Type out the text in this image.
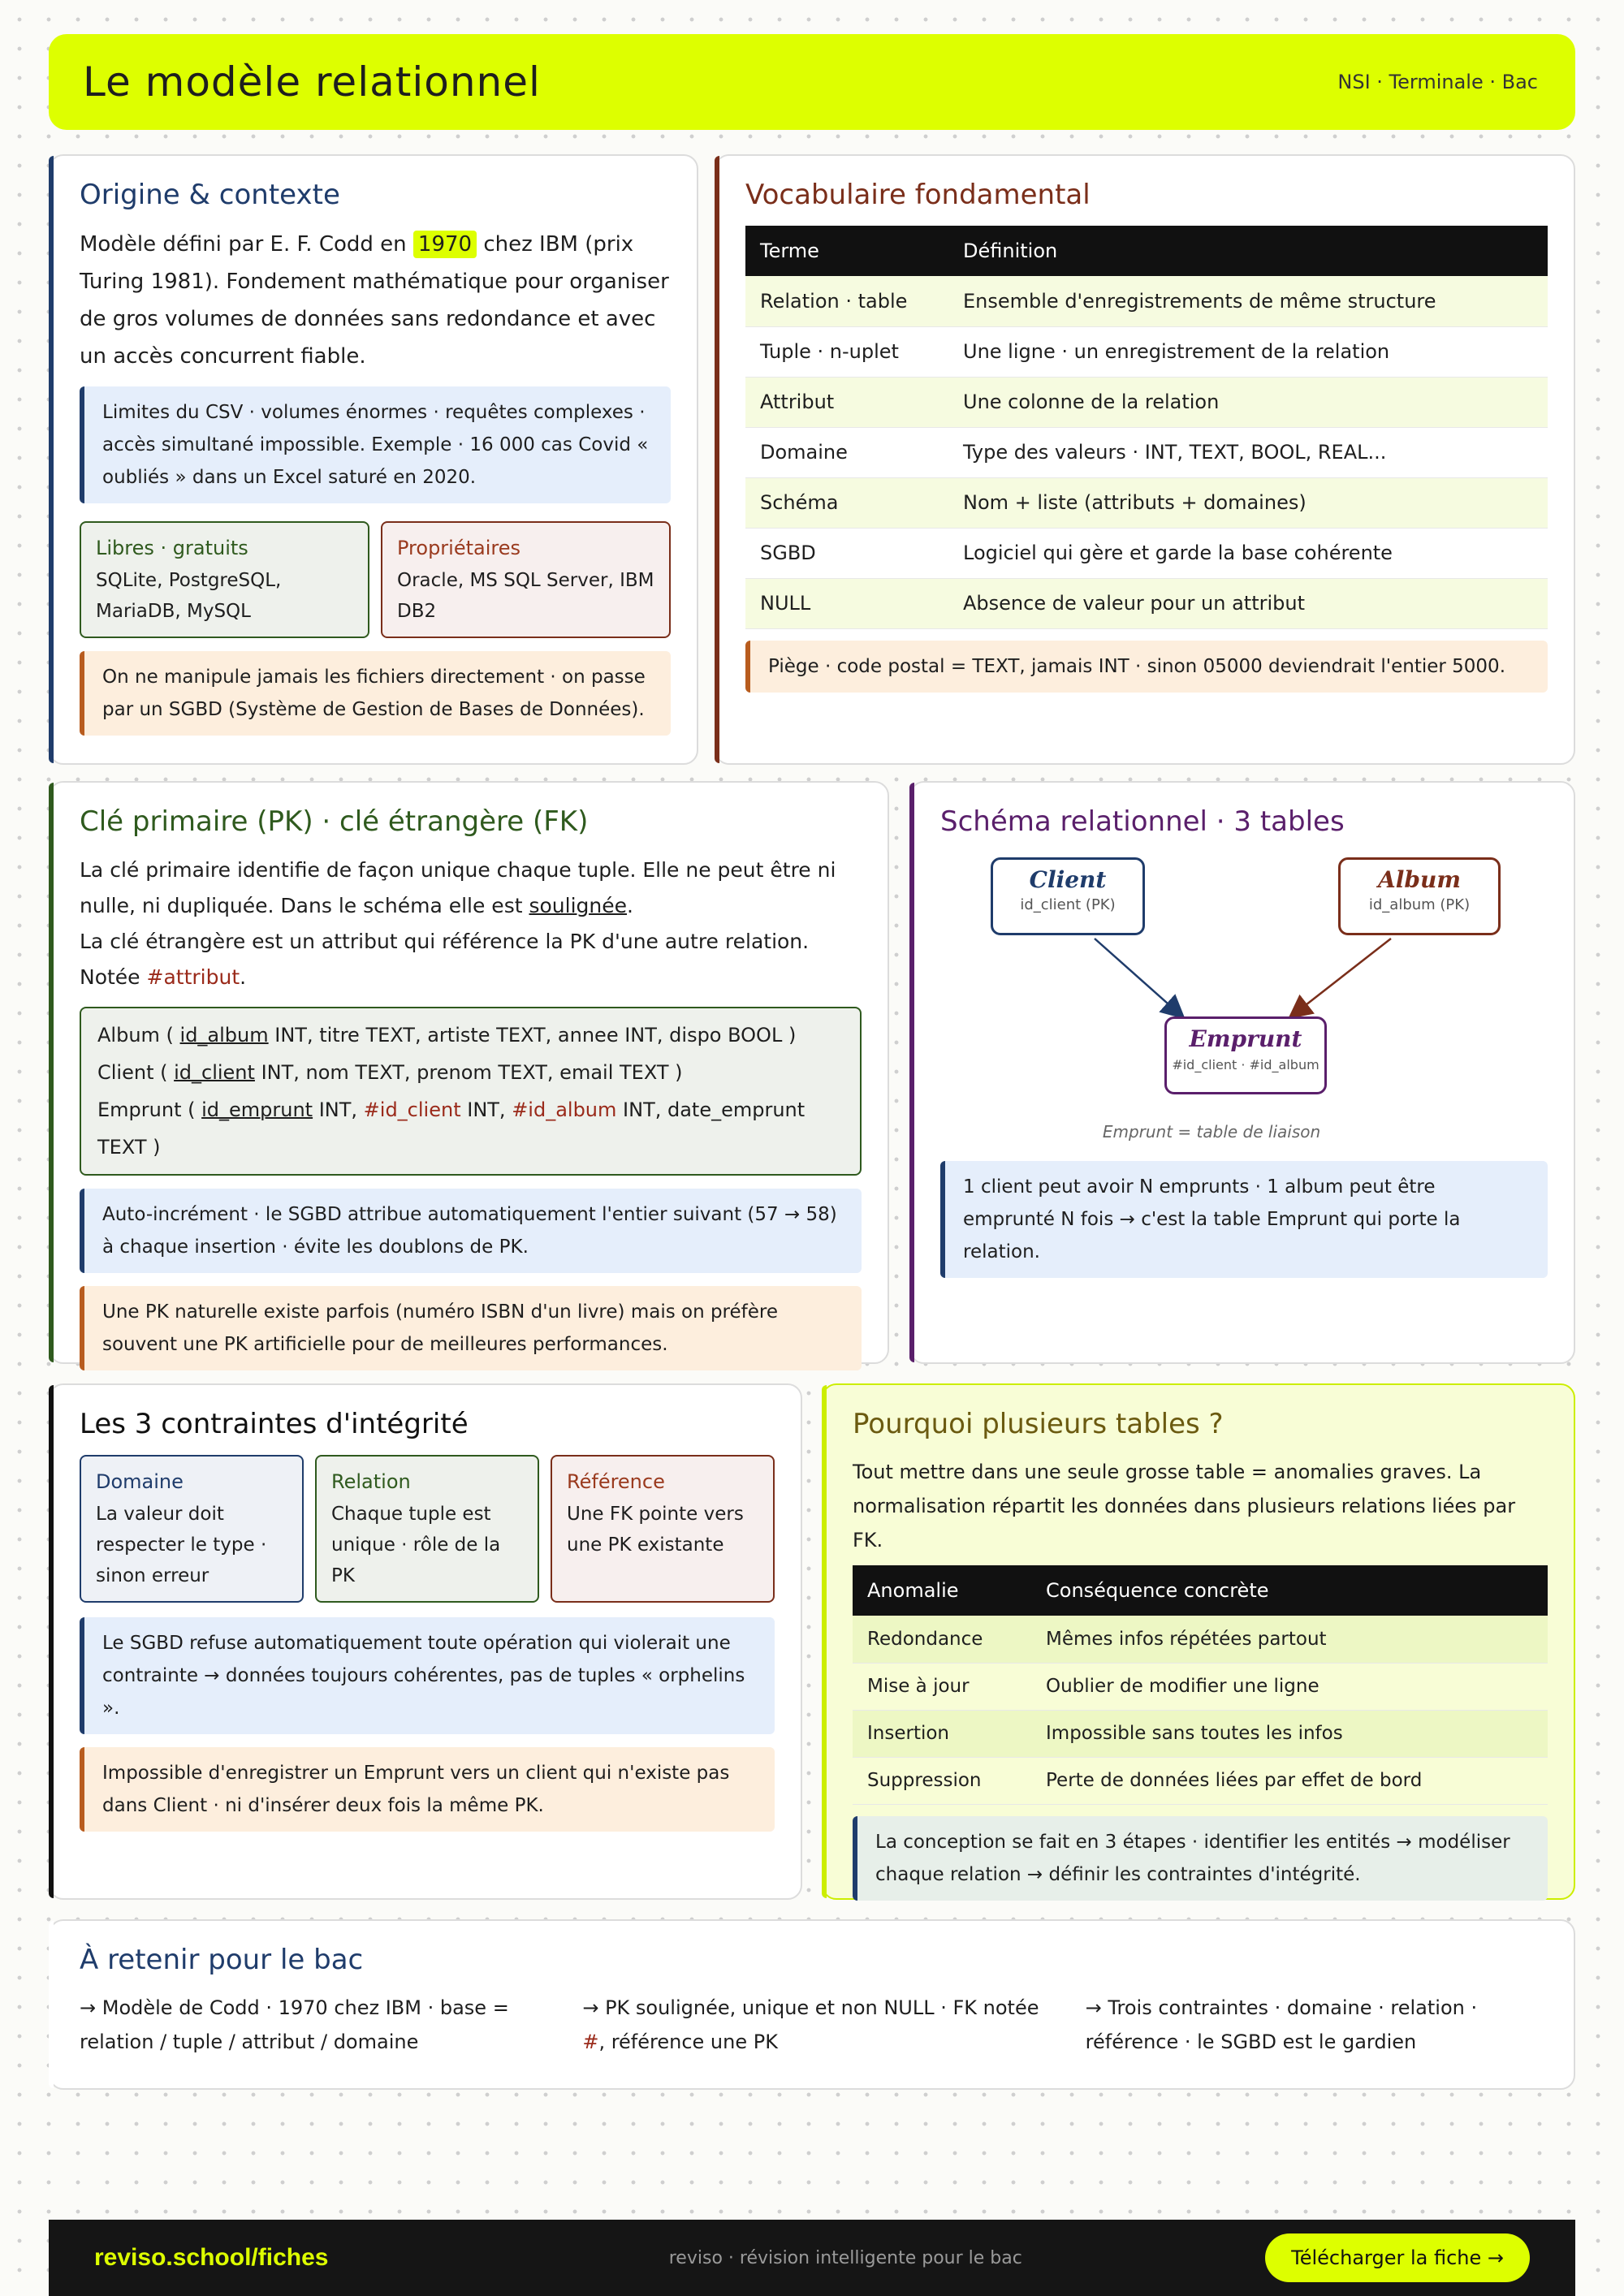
Le modèle relationnel	NSI · Terminale · Bac
Origine & contexte
Modèle défini par E. F. Codd en 1970 chez IBM (prix Turing 1981). Fondement mathématique pour organiser de gros volumes de données sans redondance et avec un accès concurrent fiable.
Limites du CSV · volumes énormes · requêtes complexes · accès simultané impossible. Exemple · 16 000 cas Covid « oubliés » dans un Excel saturé en 2020.
Libres · gratuits
SQLite, PostgreSQL, MariaDB, MySQL
Propriétaires
Oracle, MS SQL Server, IBM DB2
On ne manipule jamais les fichiers directement · on passe par un SGBD (Système de Gestion de Bases de Données).
Vocabulaire fondamental
Terme	Définition
Relation · table	Ensemble d'enregistrements de même structure
Tuple · n-uplet	Une ligne · un enregistrement de la relation
Attribut	Une colonne de la relation
Domaine	Type des valeurs · INT, TEXT, BOOL, REAL...
Schéma	Nom + liste (attributs + domaines)
SGBD	Logiciel qui gère et garde la base cohérente
NULL	Absence de valeur pour un attribut
Piège · code postal = TEXT, jamais INT · sinon 05000 deviendrait l'entier 5000.
Clé primaire (PK) · clé étrangère (FK)
La clé primaire identifie de façon unique chaque tuple. Elle ne peut être ni nulle, ni dupliquée. Dans le schéma elle est soulignée.
La clé étrangère est un attribut qui référence la PK d'une autre relation. Notée #attribut.
Album ( id_album INT, titre TEXT, artiste TEXT, annee INT, dispo BOOL )
Client ( id_client INT, nom TEXT, prenom TEXT, email TEXT )
Emprunt ( id_emprunt INT, #id_client INT, #id_album INT, date_emprunt TEXT )
Auto-incrément · le SGBD attribue automatiquement l'entier suivant (57 → 58) à chaque insertion · évite les doublons de PK.
Une PK naturelle existe parfois (numéro ISBN d'un livre) mais on préfère souvent une PK artificielle pour de meilleures performances.
Schéma relationnel · 3 tables
Client
id_client (PK)
Album
id_album (PK)
Emprunt
#id_client · #id_album
Emprunt = table de liaison
1 client peut avoir N emprunts · 1 album peut être emprunté N fois → c'est la table Emprunt qui porte la relation.
Les 3 contraintes d'intégrité
Domaine
La valeur doit respecter le type · sinon erreur
Relation
Chaque tuple est unique · rôle de la PK
Référence
Une FK pointe vers une PK existante
Le SGBD refuse automatiquement toute opération qui violerait une contrainte → données toujours cohérentes, pas de tuples « orphelins ».
Impossible d'enregistrer un Emprunt vers un client qui n'existe pas dans Client · ni d'insérer deux fois la même PK.
Pourquoi plusieurs tables ?
Tout mettre dans une seule grosse table = anomalies graves. La normalisation répartit les données dans plusieurs relations liées par FK.
Anomalie	Conséquence concrète
Redondance	Mêmes infos répétées partout
Mise à jour	Oublier de modifier une ligne
Insertion	Impossible sans toutes les infos
Suppression	Perte de données liées par effet de bord
La conception se fait en 3 étapes · identifier les entités → modéliser chaque relation → définir les contraintes d'intégrité.
À retenir pour le bac
→ Modèle de Codd · 1970 chez IBM · base = relation / tuple / attribut / domaine
→ PK soulignée, unique et non NULL · FK notée #, référence une PK
→ Trois contraintes · domaine · relation · référence · le SGBD est le gardien
reviso.school/fiches	reviso · révision intelligente pour le bac	Télécharger la fiche →
